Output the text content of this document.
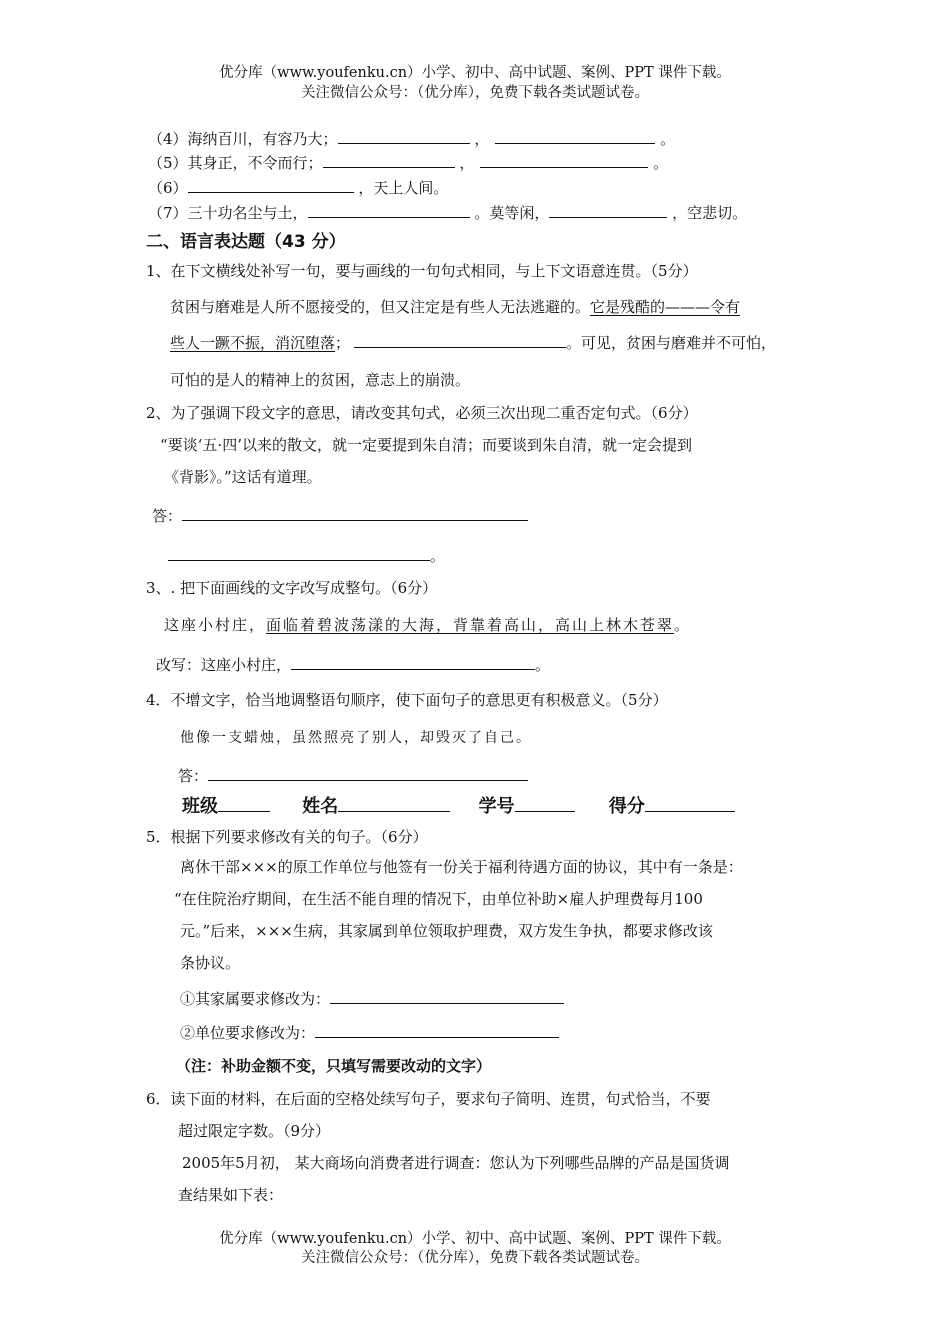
优分库（www.youfenku.cn）小学、初中、高中试题、案例、PPT 课件下载。
关注微信公众号：（优分库），免费下载各类试题试卷。
（4）海纳百川，有容乃大；	，	。
（5）其身正，不令而行；	，	。
（6）	，天上人间。
（7）三十功名尘与土，	。莫等闲，	，空悲切。
二、语言表达题（43 分）
1、在下文横线处补写一句，要与画线的一句句式相同，与上下文语意连贯。（5分）
贫困与磨难是人所不愿接受的，但又注定是有些人无法逃避的。它是残酷的———令有
些人一蹶不振，消沉堕落；	。可见，贫困与磨难并不可怕，
可怕的是人的精神上的贫困，意志上的崩溃。
2、为了强调下段文字的意思，请改变其句式，必须三次出现二重否定句式。（6分）
“要谈‘五·四’以来的散文，就一定要提到朱自清；而要谈到朱自清，就一定会提到
《背影》。”这话有道理。
答：
。
3、. 把下面画线的文字改写成整句。（6分）
这座小村庄，面临着碧波荡漾的大海，背靠着高山，高山上林木苍翠。
改写：这座小村庄，	。
4．不增文字，恰当地调整语句顺序，使下面句子的意思更有积极意义。（5分）
他像一支蜡烛，虽然照亮了别人，却毁灭了自己。
答：
班级	姓名	学号	得分
5．根据下列要求修改有关的句子。（6分）
离休干部×××的原工作单位与他签有一份关于福利待遇方面的协议，其中有一条是：
“在住院治疗期间，在生活不能自理的情况下，由单位补助×雇人护理费每月100
元。”后来，×××生病，其家属到单位领取护理费，双方发生争执，都要求修改该
条协议。
①其家属要求修改为：
②单位要求修改为：
（注：补助金额不变，只填写需要改动的文字）
6．读下面的材料，在后面的空格处续写句子，要求句子简明、连贯，句式恰当，不要
超过限定字数。（9分）
2005年5月初， 某大商场向消费者进行调查：您认为下列哪些品牌的产品是国货调
查结果如下表：
优分库（www.youfenku.cn）小学、初中、高中试题、案例、PPT 课件下载。
关注微信公众号：（优分库），免费下载各类试题试卷。
